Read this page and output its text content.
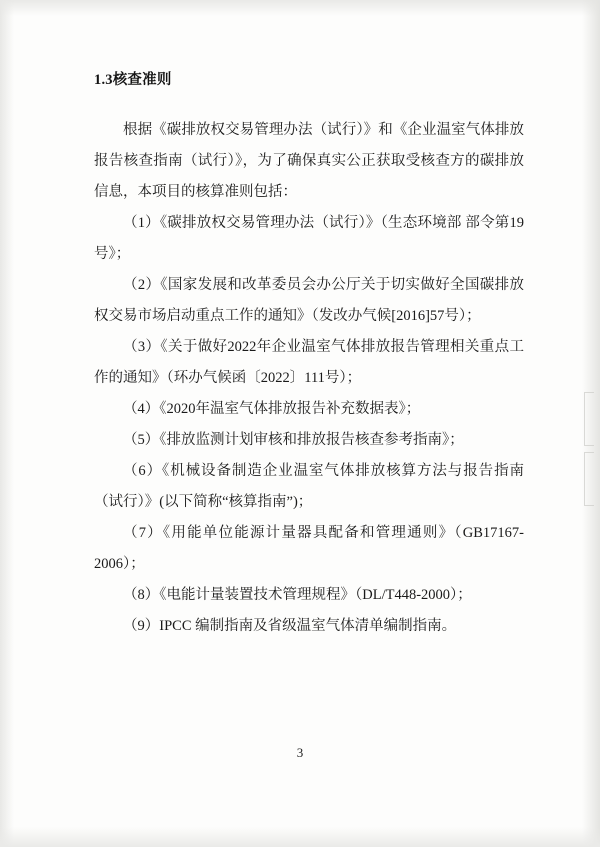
1.3核查准则

根据《碳排放权交易管理办法（试行）》和《企业温室气体排放报告核查指南（试行）》，为了确保真实公正获取受核查方的碳排放信息，本项目的核算准则包括：

（1）《碳排放权交易管理办法（试行）》（生态环境部 部令第19号》；

（2）《国家发展和改革委员会办公厅关于切实做好全国碳排放权交易市场启动重点工作的通知》（发改办气候[2016]57号）；

（3）《关于做好2022年企业温室气体排放报告管理相关重点工作的通知》（环办气候函〔2022〕111号）；

（4）《2020年温室气体排放报告补充数据表》；

（5）《排放监测计划审核和排放报告核查参考指南》；

（6）《机械设备制造企业温室气体排放核算方法与报告指南（试行）》(以下简称“核算指南”)；

（7）《用能单位能源计量器具配备和管理通则》（GB17167-2006）；

（8）《电能计量装置技术管理规程》（DL/T448-2000）；

（9）IPCC 编制指南及省级温室气体清单编制指南。

3
